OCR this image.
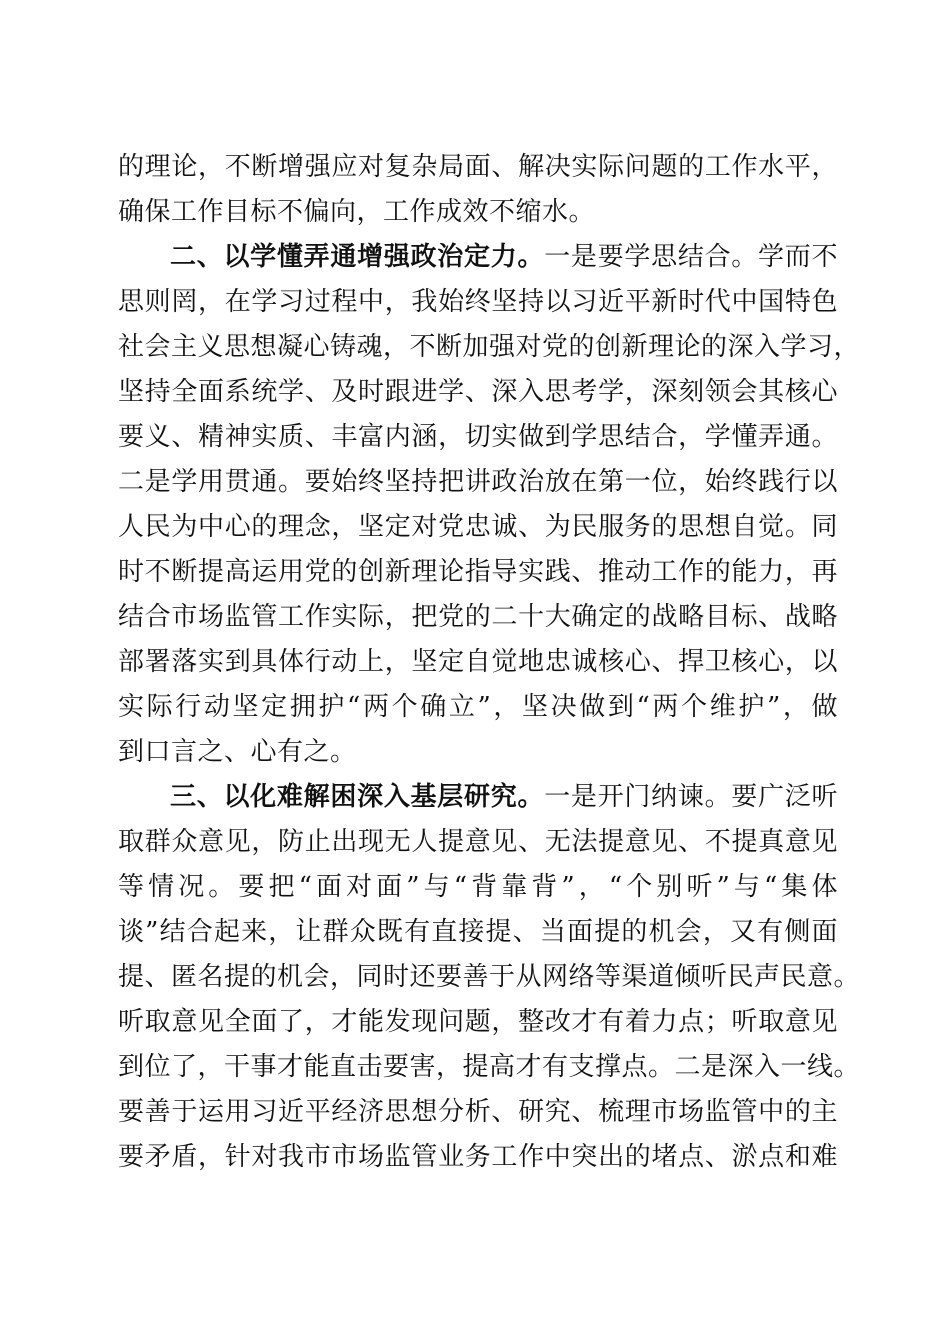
的理论，不断增强应对复杂局面、解决实际问题的工作水平，
确保工作目标不偏向，工作成效不缩水。
二、以学懂弄通增强政治定力。一是要学思结合。学而不
思则罔，在学习过程中，我始终坚持以习近平新时代中国特色
社会主义思想凝心铸魂，不断加强对党的创新理论的深入学习，
坚持全面系统学、及时跟进学、深入思考学，深刻领会其核心
要义、精神实质、丰富内涵，切实做到学思结合，学懂弄通。
二是学用贯通。要始终坚持把讲政治放在第一位，始终践行以
人民为中心的理念，坚定对党忠诚、为民服务的思想自觉。同
时不断提高运用党的创新理论指导实践、推动工作的能力，再
结合市场监管工作实际，把党的二十大确定的战略目标、战略
部署落实到具体行动上，坚定自觉地忠诚核心、捍卫核心，以
实际行动坚定拥护“两个确立”，坚决做到“两个维护”，做
到口言之、心有之。
三、以化难解困深入基层研究。一是开门纳谏。要广泛听
取群众意见，防止出现无人提意见、无法提意见、不提真意见
等情况。要把“面对面”与“背靠背”，“个别听”与“集体
谈”结合起来，让群众既有直接提、当面提的机会，又有侧面
提、匿名提的机会，同时还要善于从网络等渠道倾听民声民意。
听取意见全面了，才能发现问题，整改才有着力点；听取意见
到位了，干事才能直击要害，提高才有支撑点。二是深入一线。
要善于运用习近平经济思想分析、研究、梳理市场监管中的主
要矛盾，针对我市市场监管业务工作中突出的堵点、淤点和难
